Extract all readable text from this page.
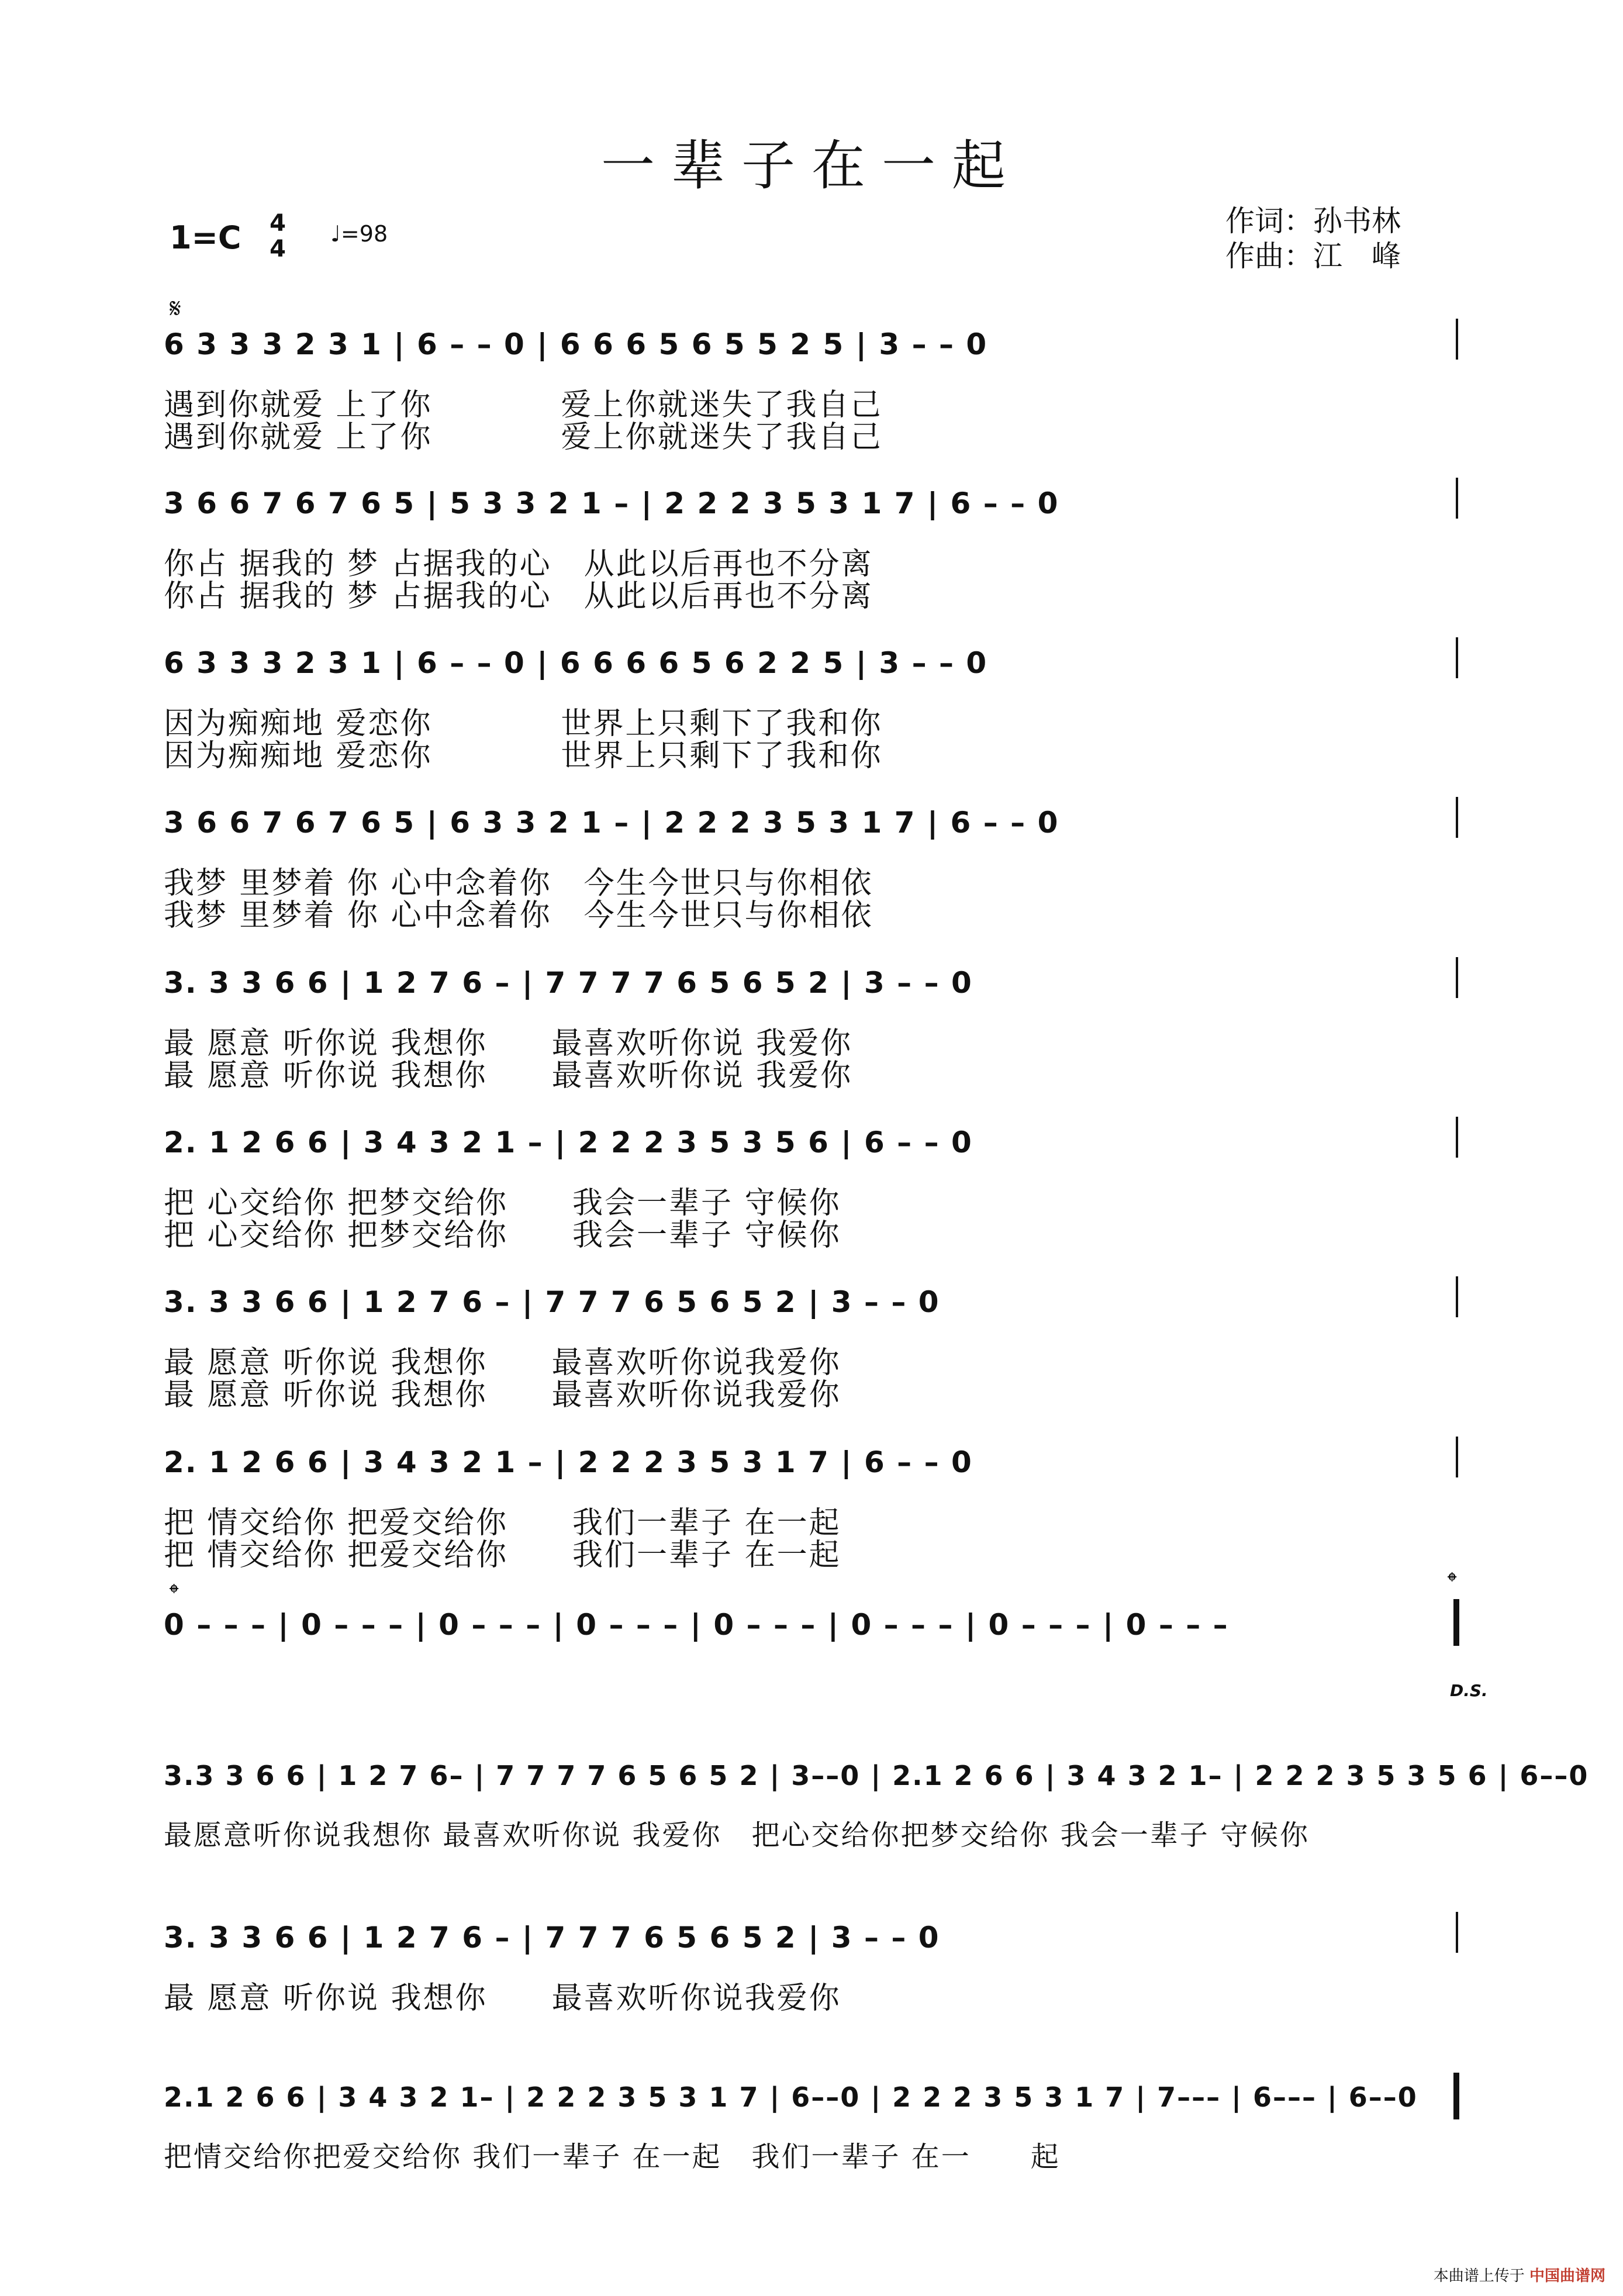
一辈子在一起
1=C 4
4
♩=98	作词：孙书林
作曲：江　峰
𝄋
6 3 3 3 2 3 1 | 6 – – 0 | 6 6 6 5 6 5 5 2 5 | 3 – – 0
遇到你就爱 上了你　　　　爱上你就迷失了我自己
遇到你就爱 上了你　　　　爱上你就迷失了我自己
3 6 6 7 6 7 6 5 | 5 3 3 2 1 – | 2 2 2 3 5 3 1 7 | 6 – – 0
你占 据我的 梦 占据我的心　从此以后再也不分离
你占 据我的 梦 占据我的心　从此以后再也不分离
6 3 3 3 2 3 1 | 6 – – 0 | 6 6 6 6 5 6 2 2 5 | 3 – – 0
因为痴痴地 爱恋你　　　　世界上只剩下了我和你
因为痴痴地 爱恋你　　　　世界上只剩下了我和你
3 6 6 7 6 7 6 5 | 6 3 3 2 1 – | 2 2 2 3 5 3 1 7 | 6 – – 0
我梦 里梦着 你 心中念着你　今生今世只与你相依
我梦 里梦着 你 心中念着你　今生今世只与你相依
3. 3 3 6 6 | 1 2 7 6 – | 7 7 7 7 6 5 6 5 2 | 3 – – 0
最 愿意 听你说 我想你　　最喜欢听你说 我爱你
最 愿意 听你说 我想你　　最喜欢听你说 我爱你
2. 1 2 6 6 | 3 4 3 2 1 – | 2 2 2 3 5 3 5 6 | 6 – – 0
把 心交给你 把梦交给你　　我会一辈子 守候你
把 心交给你 把梦交给你　　我会一辈子 守候你
3. 3 3 6 6 | 1 2 7 6 – | 7 7 7 6 5 6 5 2 | 3 – – 0
最 愿意 听你说 我想你　　最喜欢听你说我爱你
最 愿意 听你说 我想你　　最喜欢听你说我爱你
2. 1 2 6 6 | 3 4 3 2 1 – | 2 2 2 3 5 3 1 7 | 6 – – 0
把 情交给你 把爱交给你　　我们一辈子 在一起
把 情交给你 把爱交给你　　我们一辈子 在一起
𝄌	𝄌
0 – – – | 0 – – – | 0 – – – | 0 – – – | 0 – – – | 0 – – – | 0 – – – | 0 – – –
D.S.
3.3 3 6 6 | 1 2 7 6– | 7 7 7 7 6 5 6 5 2 | 3––0 | 2.1 2 6 6 | 3 4 3 2 1– | 2 2 2 3 5 3 5 6 | 6––0
最愿意听你说我想你 最喜欢听你说 我爱你　把心交给你把梦交给你 我会一辈子 守候你
3. 3 3 6 6 | 1 2 7 6 – | 7 7 7 6 5 6 5 2 | 3 – – 0
最 愿意 听你说 我想你　　最喜欢听你说我爱你
2.1 2 6 6 | 3 4 3 2 1– | 2 2 2 3 5 3 1 7 | 6––0 | 2 2 2 3 5 3 1 7 | 7––– | 6––– | 6––0
把情交给你把爱交给你 我们一辈子 在一起　我们一辈子 在一　　起
本曲谱上传于 中国曲谱网
